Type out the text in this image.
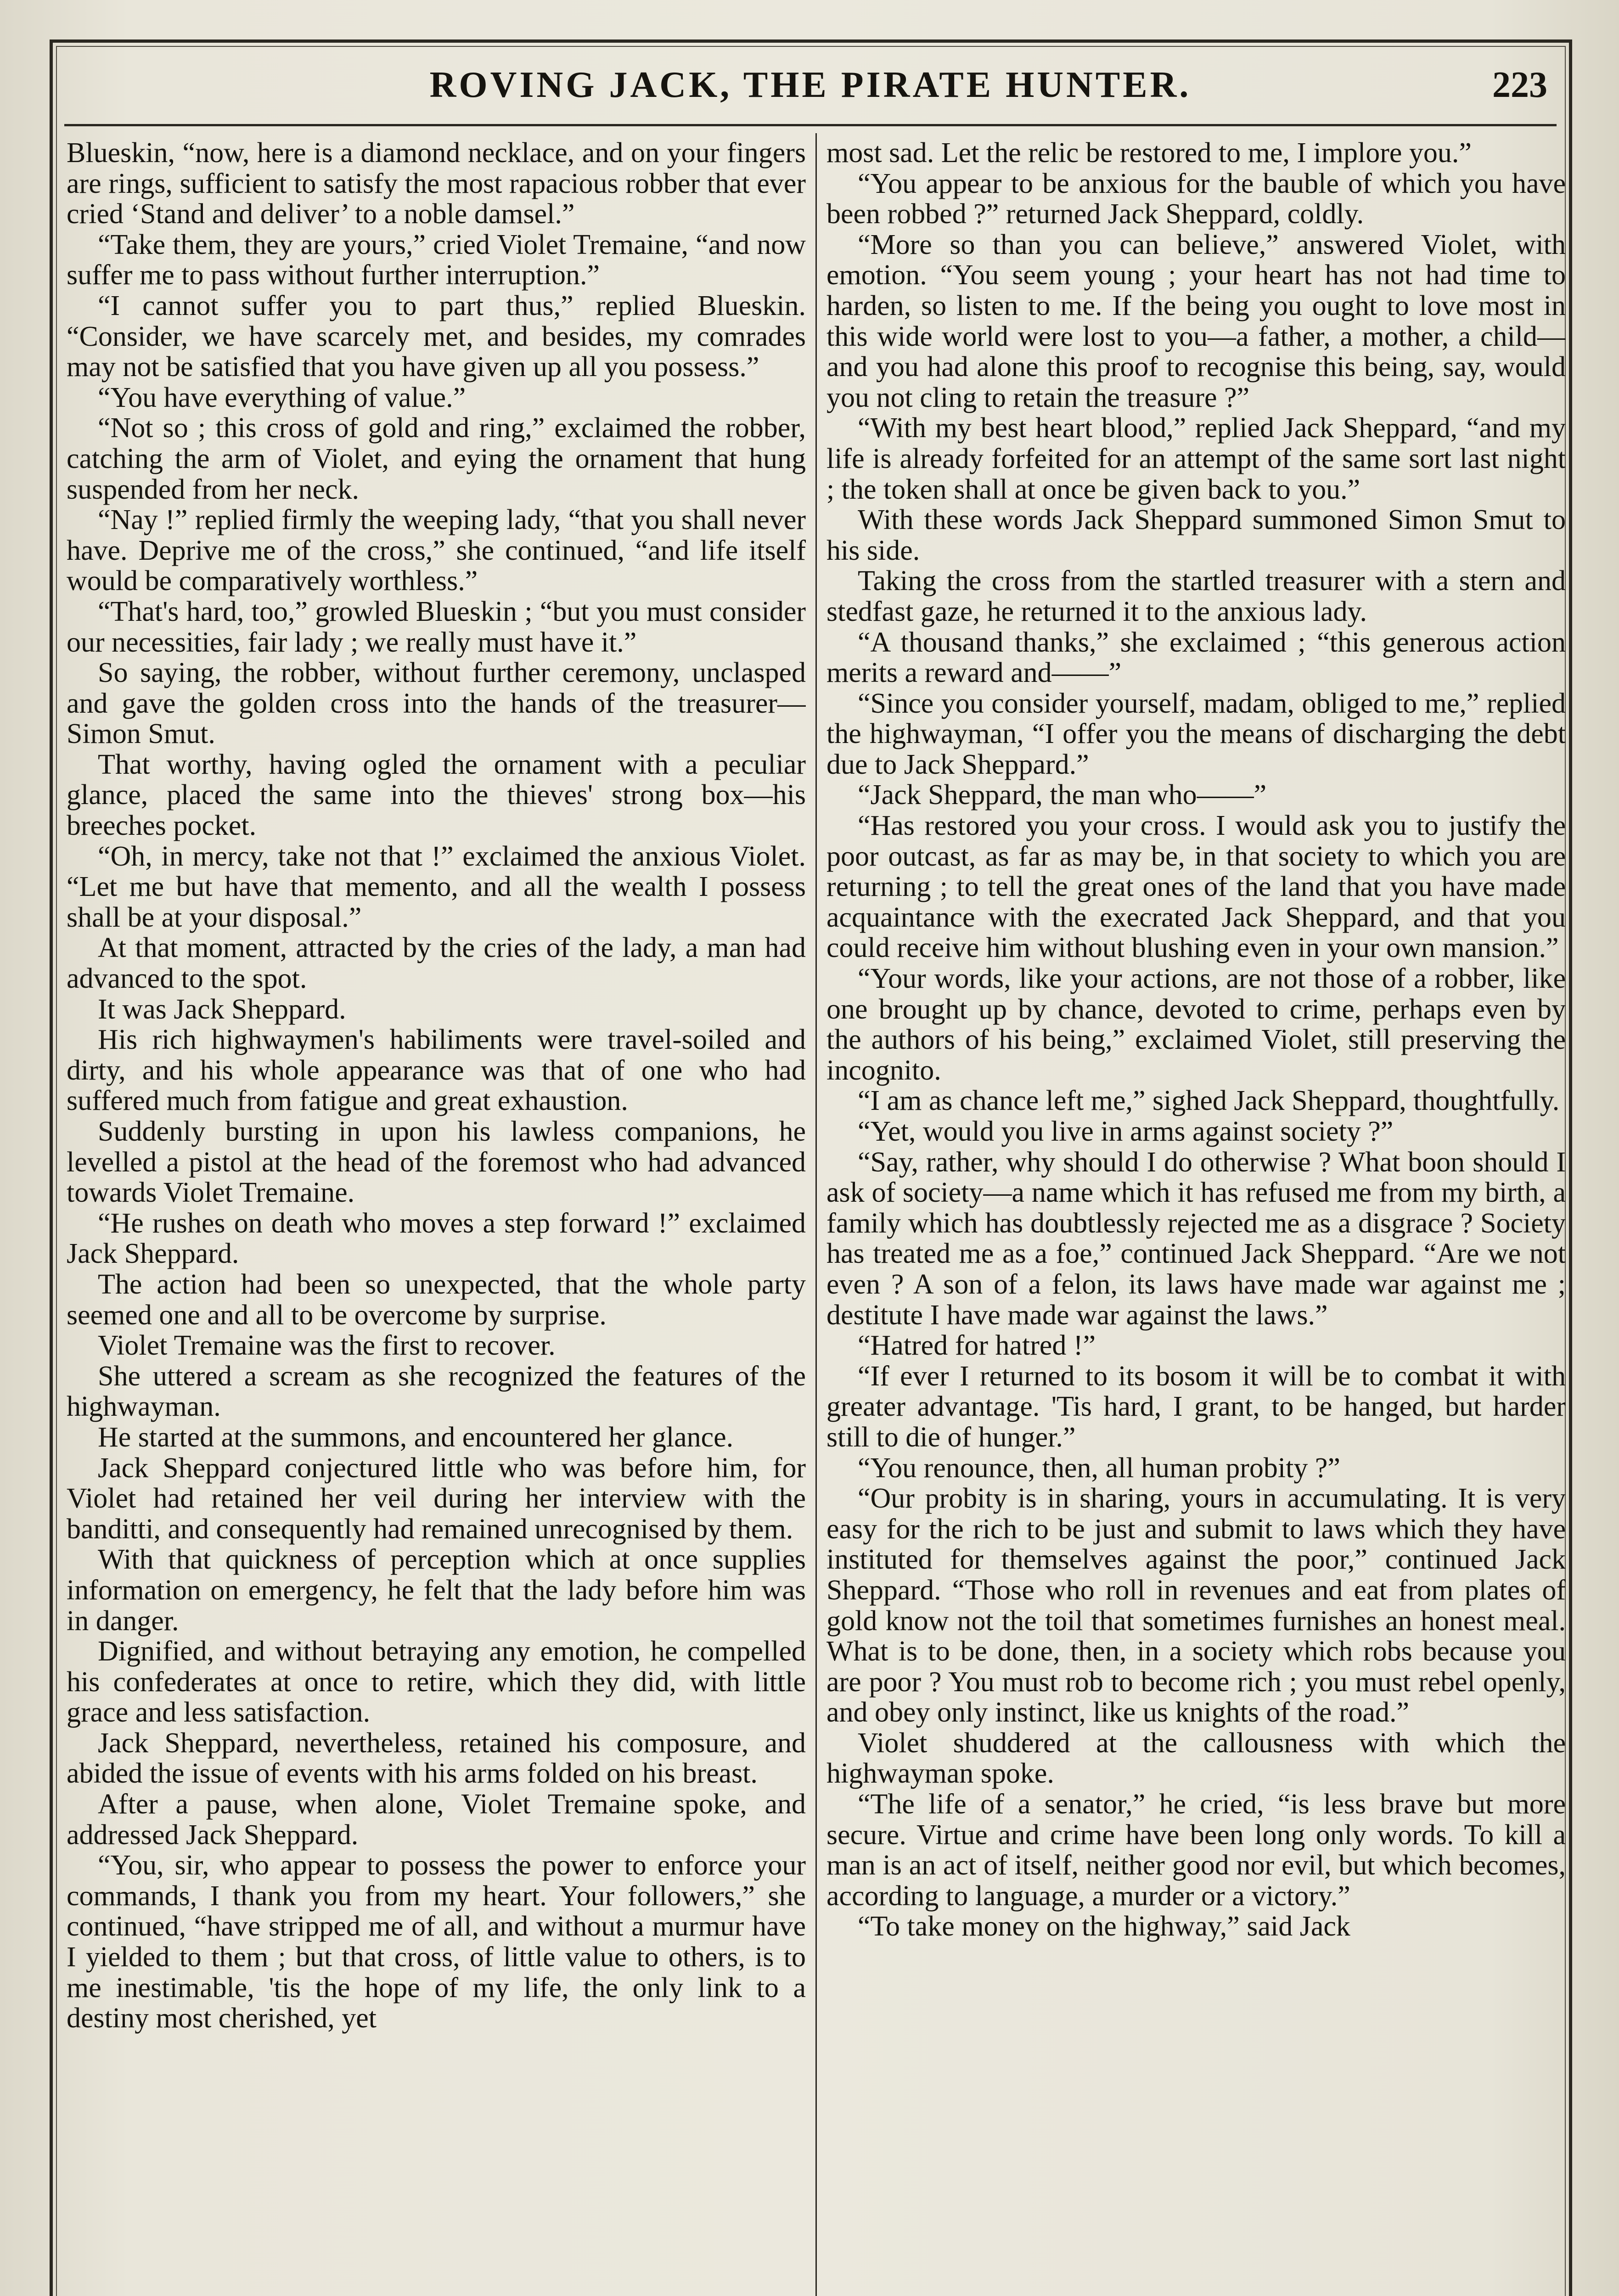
ROVING JACK, THE PIRATE HUNTER.	223

Blueskin, “now, here is a diamond necklace, and on your fingers are rings, sufficient to satisfy the most rapacious robber that ever cried ‘Stand and deliver’ to a noble damsel.”

“Take them, they are yours,” cried Violet Tremaine, “and now suffer me to pass without further interruption.”

“I cannot suffer you to part thus,” replied Blueskin. “Consider, we have scarcely met, and besides, my comrades may not be satisfied that you have given up all you possess.”

“You have everything of value.”

“Not so ; this cross of gold and ring,” exclaimed the robber, catching the arm of Violet, and eying the ornament that hung suspended from her neck.

“Nay !” replied firmly the weeping lady, “that you shall never have. Deprive me of the cross,” she continued, “and life itself would be comparatively worthless.”

“That's hard, too,” growled Blueskin ; “but you must consider our necessities, fair lady ; we really must have it.”

So saying, the robber, without further ceremony, unclasped and gave the golden cross into the hands of the treasurer—Simon Smut.

That worthy, having ogled the ornament with a peculiar glance, placed the same into the thieves' strong box—his breeches pocket.

“Oh, in mercy, take not that !” exclaimed the anxious Violet. “Let me but have that memento, and all the wealth I possess shall be at your disposal.”

At that moment, attracted by the cries of the lady, a man had advanced to the spot.

It was Jack Sheppard.

His rich highwaymen's habiliments were travel-soiled and dirty, and his whole appearance was that of one who had suffered much from fatigue and great exhaustion.

Suddenly bursting in upon his lawless companions, he levelled a pistol at the head of the foremost who had advanced towards Violet Tremaine.

“He rushes on death who moves a step forward !” exclaimed Jack Sheppard.

The action had been so unexpected, that the whole party seemed one and all to be overcome by surprise.

Violet Tremaine was the first to recover.

She uttered a scream as she recognized the features of the highwayman.

He started at the summons, and encountered her glance.

Jack Sheppard conjectured little who was before him, for Violet had retained her veil during her interview with the banditti, and consequently had remained unrecognised by them.

With that quickness of perception which at once supplies information on emergency, he felt that the lady before him was in danger.

Dignified, and without betraying any emotion, he compelled his confederates at once to retire, which they did, with little grace and less satisfaction.

Jack Sheppard, nevertheless, retained his composure, and abided the issue of events with his arms folded on his breast.

After a pause, when alone, Violet Tremaine spoke, and addressed Jack Sheppard.

“You, sir, who appear to possess the power to enforce your commands, I thank you from my heart. Your followers,” she continued, “have stripped me of all, and without a murmur have I yielded to them ; but that cross, of little value to others, is to me inestimable, 'tis the hope of my life, the only link to a destiny most cherished, yet

most sad. Let the relic be restored to me, I implore you.”

“You appear to be anxious for the bauble of which you have been robbed ?” returned Jack Sheppard, coldly.

“More so than you can believe,” answered Violet, with emotion. “You seem young ; your heart has not had time to harden, so listen to me. If the being you ought to love most in this wide world were lost to you—a father, a mother, a child—and you had alone this proof to recognise this being, say, would you not cling to retain the treasure ?”

“With my best heart blood,” replied Jack Sheppard, “and my life is already forfeited for an attempt of the same sort last night ; the token shall at once be given back to you.”

With these words Jack Sheppard summoned Simon Smut to his side.

Taking the cross from the startled treasurer with a stern and stedfast gaze, he returned it to the anxious lady.

“A thousand thanks,” she exclaimed ; “this generous action merits a reward and——”

“Since you consider yourself, madam, obliged to me,” replied the highwayman, “I offer you the means of discharging the debt due to Jack Sheppard.”

“Jack Sheppard, the man who——”

“Has restored you your cross. I would ask you to justify the poor outcast, as far as may be, in that society to which you are returning ; to tell the great ones of the land that you have made acquaintance with the execrated Jack Sheppard, and that you could receive him without blushing even in your own mansion.”

“Your words, like your actions, are not those of a robber, like one brought up by chance, devoted to crime, perhaps even by the authors of his being,” exclaimed Violet, still preserving the incognito.

“I am as chance left me,” sighed Jack Sheppard, thoughtfully.

“Yet, would you live in arms against society ?”

“Say, rather, why should I do otherwise ? What boon should I ask of society—a name which it has refused me from my birth, a family which has doubtlessly rejected me as a disgrace ? Society has treated me as a foe,” continued Jack Sheppard. “Are we not even ? A son of a felon, its laws have made war against me ; destitute I have made war against the laws.”

“Hatred for hatred !”

“If ever I returned to its bosom it will be to combat it with greater advantage. 'Tis hard, I grant, to be hanged, but harder still to die of hunger.”

“You renounce, then, all human probity ?”

“Our probity is in sharing, yours in accumulating. It is very easy for the rich to be just and submit to laws which they have instituted for themselves against the poor,” continued Jack Sheppard. “Those who roll in revenues and eat from plates of gold know not the toil that sometimes furnishes an honest meal. What is to be done, then, in a society which robs because you are poor ? You must rob to become rich ; you must rebel openly, and obey only instinct, like us knights of the road.”

Violet shuddered at the callousness with which the highwayman spoke.

“The life of a senator,” he cried, “is less brave but more secure. Virtue and crime have been long only words. To kill a man is an act of itself, neither good nor evil, but which becomes, according to language, a murder or a victory.”

“To take money on the highway,” said Jack
